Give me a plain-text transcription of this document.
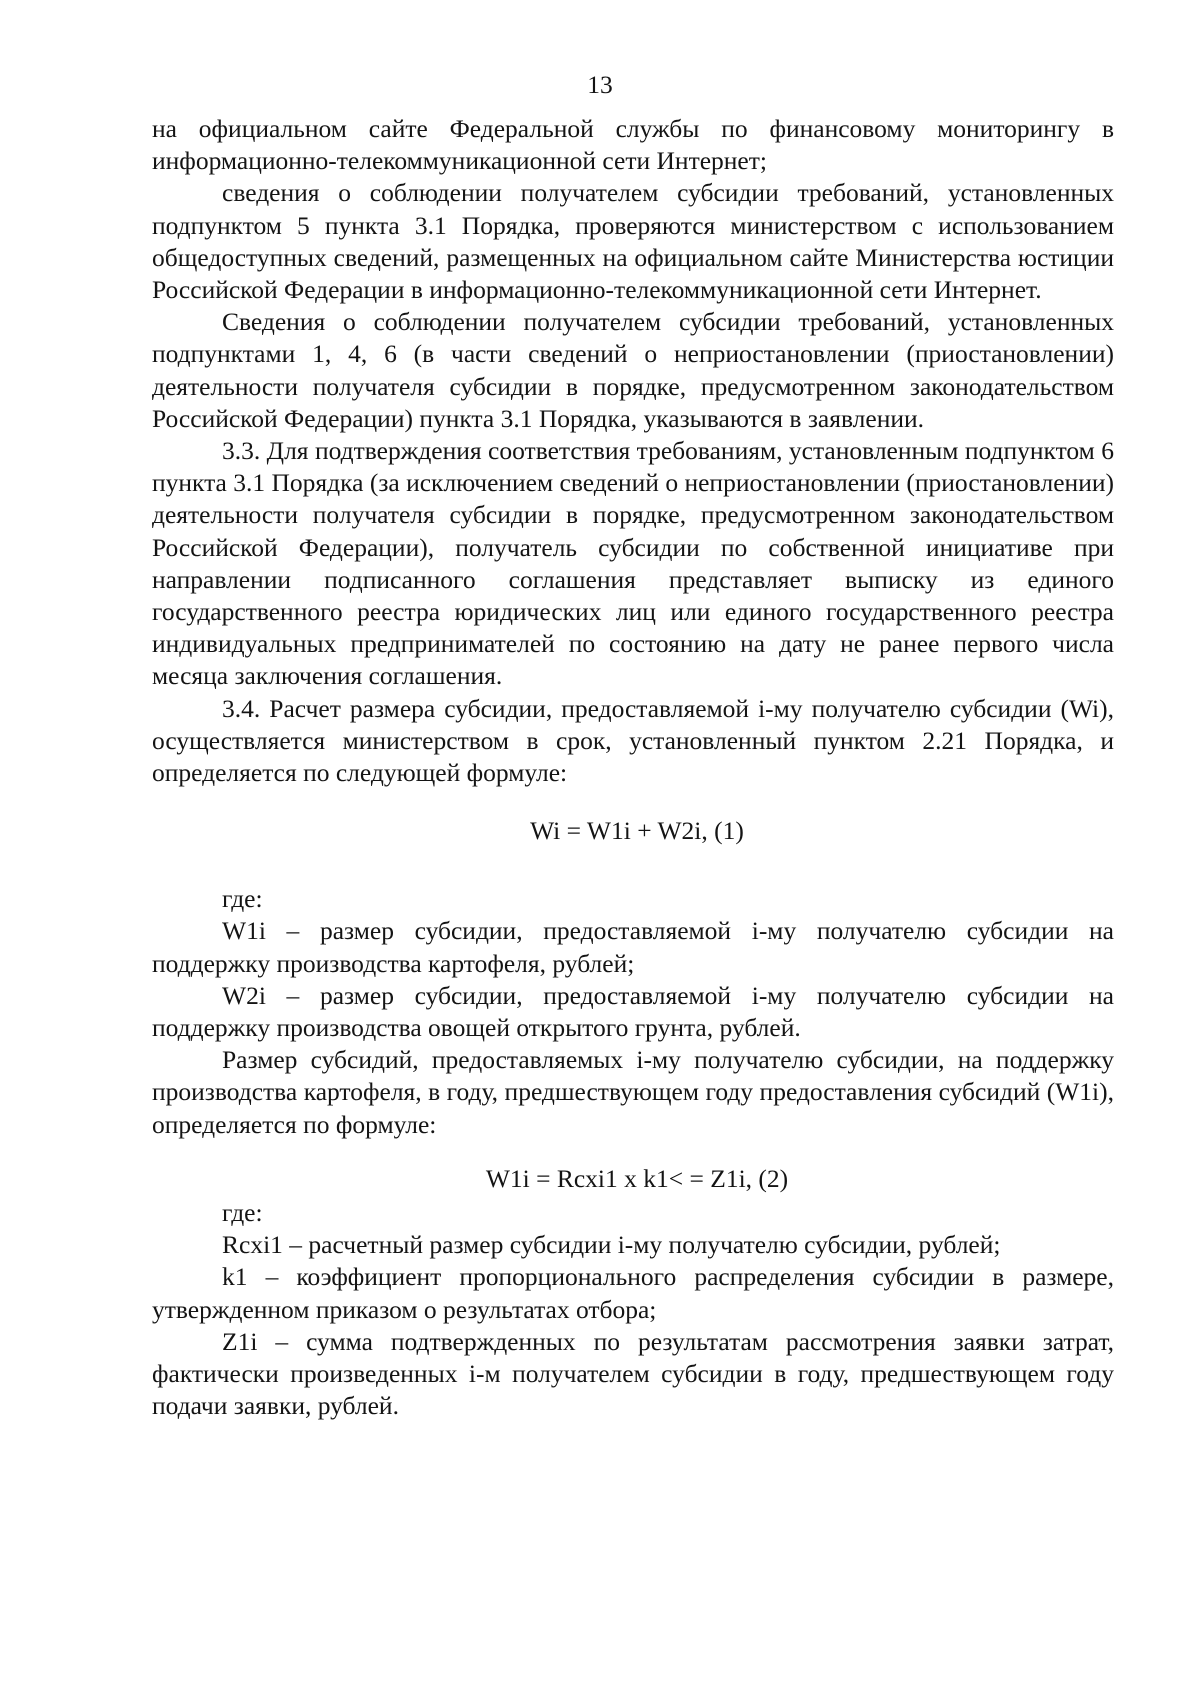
13

на официальном сайте Федеральной службы по финансовому мониторингу в информационно-телекоммуникационной сети Интернет;

сведения о соблюдении получателем субсидии требований, установленных подпунктом 5 пункта 3.1 Порядка, проверяются министерством с использованием общедоступных сведений, размещенных на официальном сайте Министерства юстиции Российской Федерации в информационно-телекоммуникационной сети Интернет.

Сведения о соблюдении получателем субсидии требований, установленных подпунктами 1, 4, 6 (в части сведений о неприостановлении (приостановлении) деятельности получателя субсидии в порядке, предусмотренном законодательством Российской Федерации) пункта 3.1 Порядка, указываются в заявлении.

3.3. Для подтверждения соответствия требованиям, установленным подпунктом 6 пункта 3.1 Порядка (за исключением сведений о неприостановлении (приостановлении) деятельности получателя субсидии в порядке, предусмотренном законодательством Российской Федерации), получатель субсидии по собственной инициативе при направлении подписанного соглашения представляет выписку из единого государственного реестра юридических лиц или единого государственного реестра индивидуальных предпринимателей по состоянию на дату не ранее первого числа месяца заключения соглашения.

3.4. Расчет размера субсидии, предоставляемой i-му получателю субсидии (Wi), осуществляется министерством в срок, установленный пунктом 2.21 Порядка, и определяется по следующей формуле:

Wi = W1i + W2i, (1)

где:

W1i – размер субсидии, предоставляемой i-му получателю субсидии на поддержку производства картофеля, рублей;

W2i – размер субсидии, предоставляемой i-му получателю субсидии на поддержку производства овощей открытого грунта, рублей.

Размер субсидий, предоставляемых i-му получателю субсидии, на поддержку производства картофеля, в году, предшествующем году предоставления субсидий (W1i), определяется по формуле:

W1i = Rcxi1 x k1< = Z1i, (2)

где:

Rcxi1 – расчетный размер субсидии i-му получателю субсидии, рублей;

k1 – коэффициент пропорционального распределения субсидии в размере, утвержденном приказом о результатах отбора;

Z1i – сумма подтвержденных по результатам рассмотрения заявки затрат, фактически произведенных i-м получателем субсидии в году, предшествующем году подачи заявки, рублей.
